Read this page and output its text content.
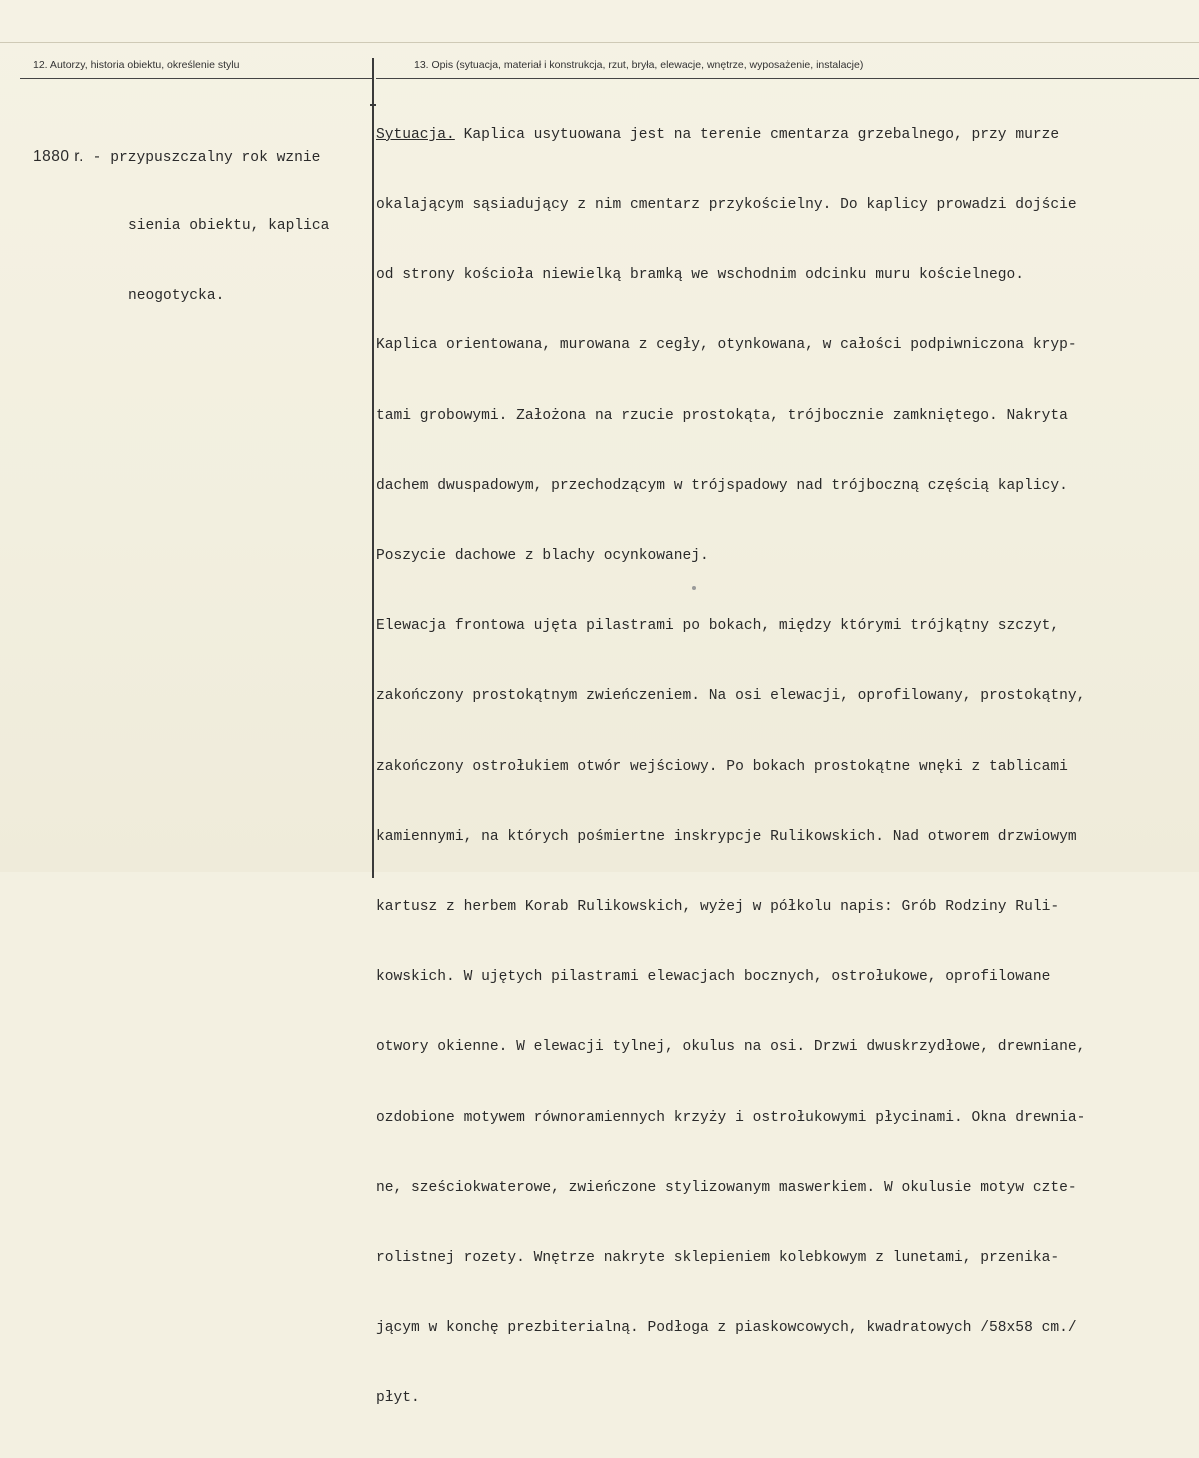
12. Autorzy, historia obiektu, określenie stylu	13. Opis (sytuacja, materiał i konstrukcja, rzut, bryła, elewacje, wnętrze, wyposażenie, instalacje)

1880 r. - przypuszczalny rok wznie

sienia obiektu, kaplica

neogotycka.

Sytuacja. Kaplica usytuowana jest na terenie cmentarza grzebalnego, przy murze

okalającym sąsiadujący z nim cmentarz przykościelny. Do kaplicy prowadzi dojście

od strony kościoła niewielką bramką we wschodnim odcinku muru kościelnego.

Kaplica orientowana, murowana z cegły, otynkowana, w całości podpiwniczona kryp-

tami grobowymi. Założona na rzucie prostokąta, trójbocznie zamkniętego. Nakryta

dachem dwuspadowym, przechodzącym w trójspadowy nad trójboczną częścią kaplicy.

Poszycie dachowe z blachy ocynkowanej.

Elewacja frontowa ujęta pilastrami po bokach, między którymi trójkątny szczyt,

zakończony prostokątnym zwieńczeniem. Na osi elewacji, oprofilowany, prostokątny,

zakończony ostrołukiem otwór wejściowy. Po bokach prostokątne wnęki z tablicami

kamiennymi, na których pośmiertne inskrypcje Rulikowskich. Nad otworem drzwiowym

kartusz z herbem Korab Rulikowskich, wyżej w półkolu napis: Grób Rodziny Ruli-

kowskich. W ujętych pilastrami elewacjach bocznych, ostrołukowe, oprofilowane

otwory okienne. W elewacji tylnej, okulus na osi. Drzwi dwuskrzydłowe, drewniane,

ozdobione motywem równoramiennych krzyży i ostrołukowymi płycinami. Okna drewnia-

ne, sześciokwaterowe, zwieńczone stylizowanym maswerkiem. W okulusie motyw czte-

rolistnej rozety. Wnętrze nakryte sklepieniem kolebkowym z lunetami, przenika-

jącym w konchę prezbiterialną. Podłoga z piaskowcowych, kwadratowych /58x58 cm./

płyt.
